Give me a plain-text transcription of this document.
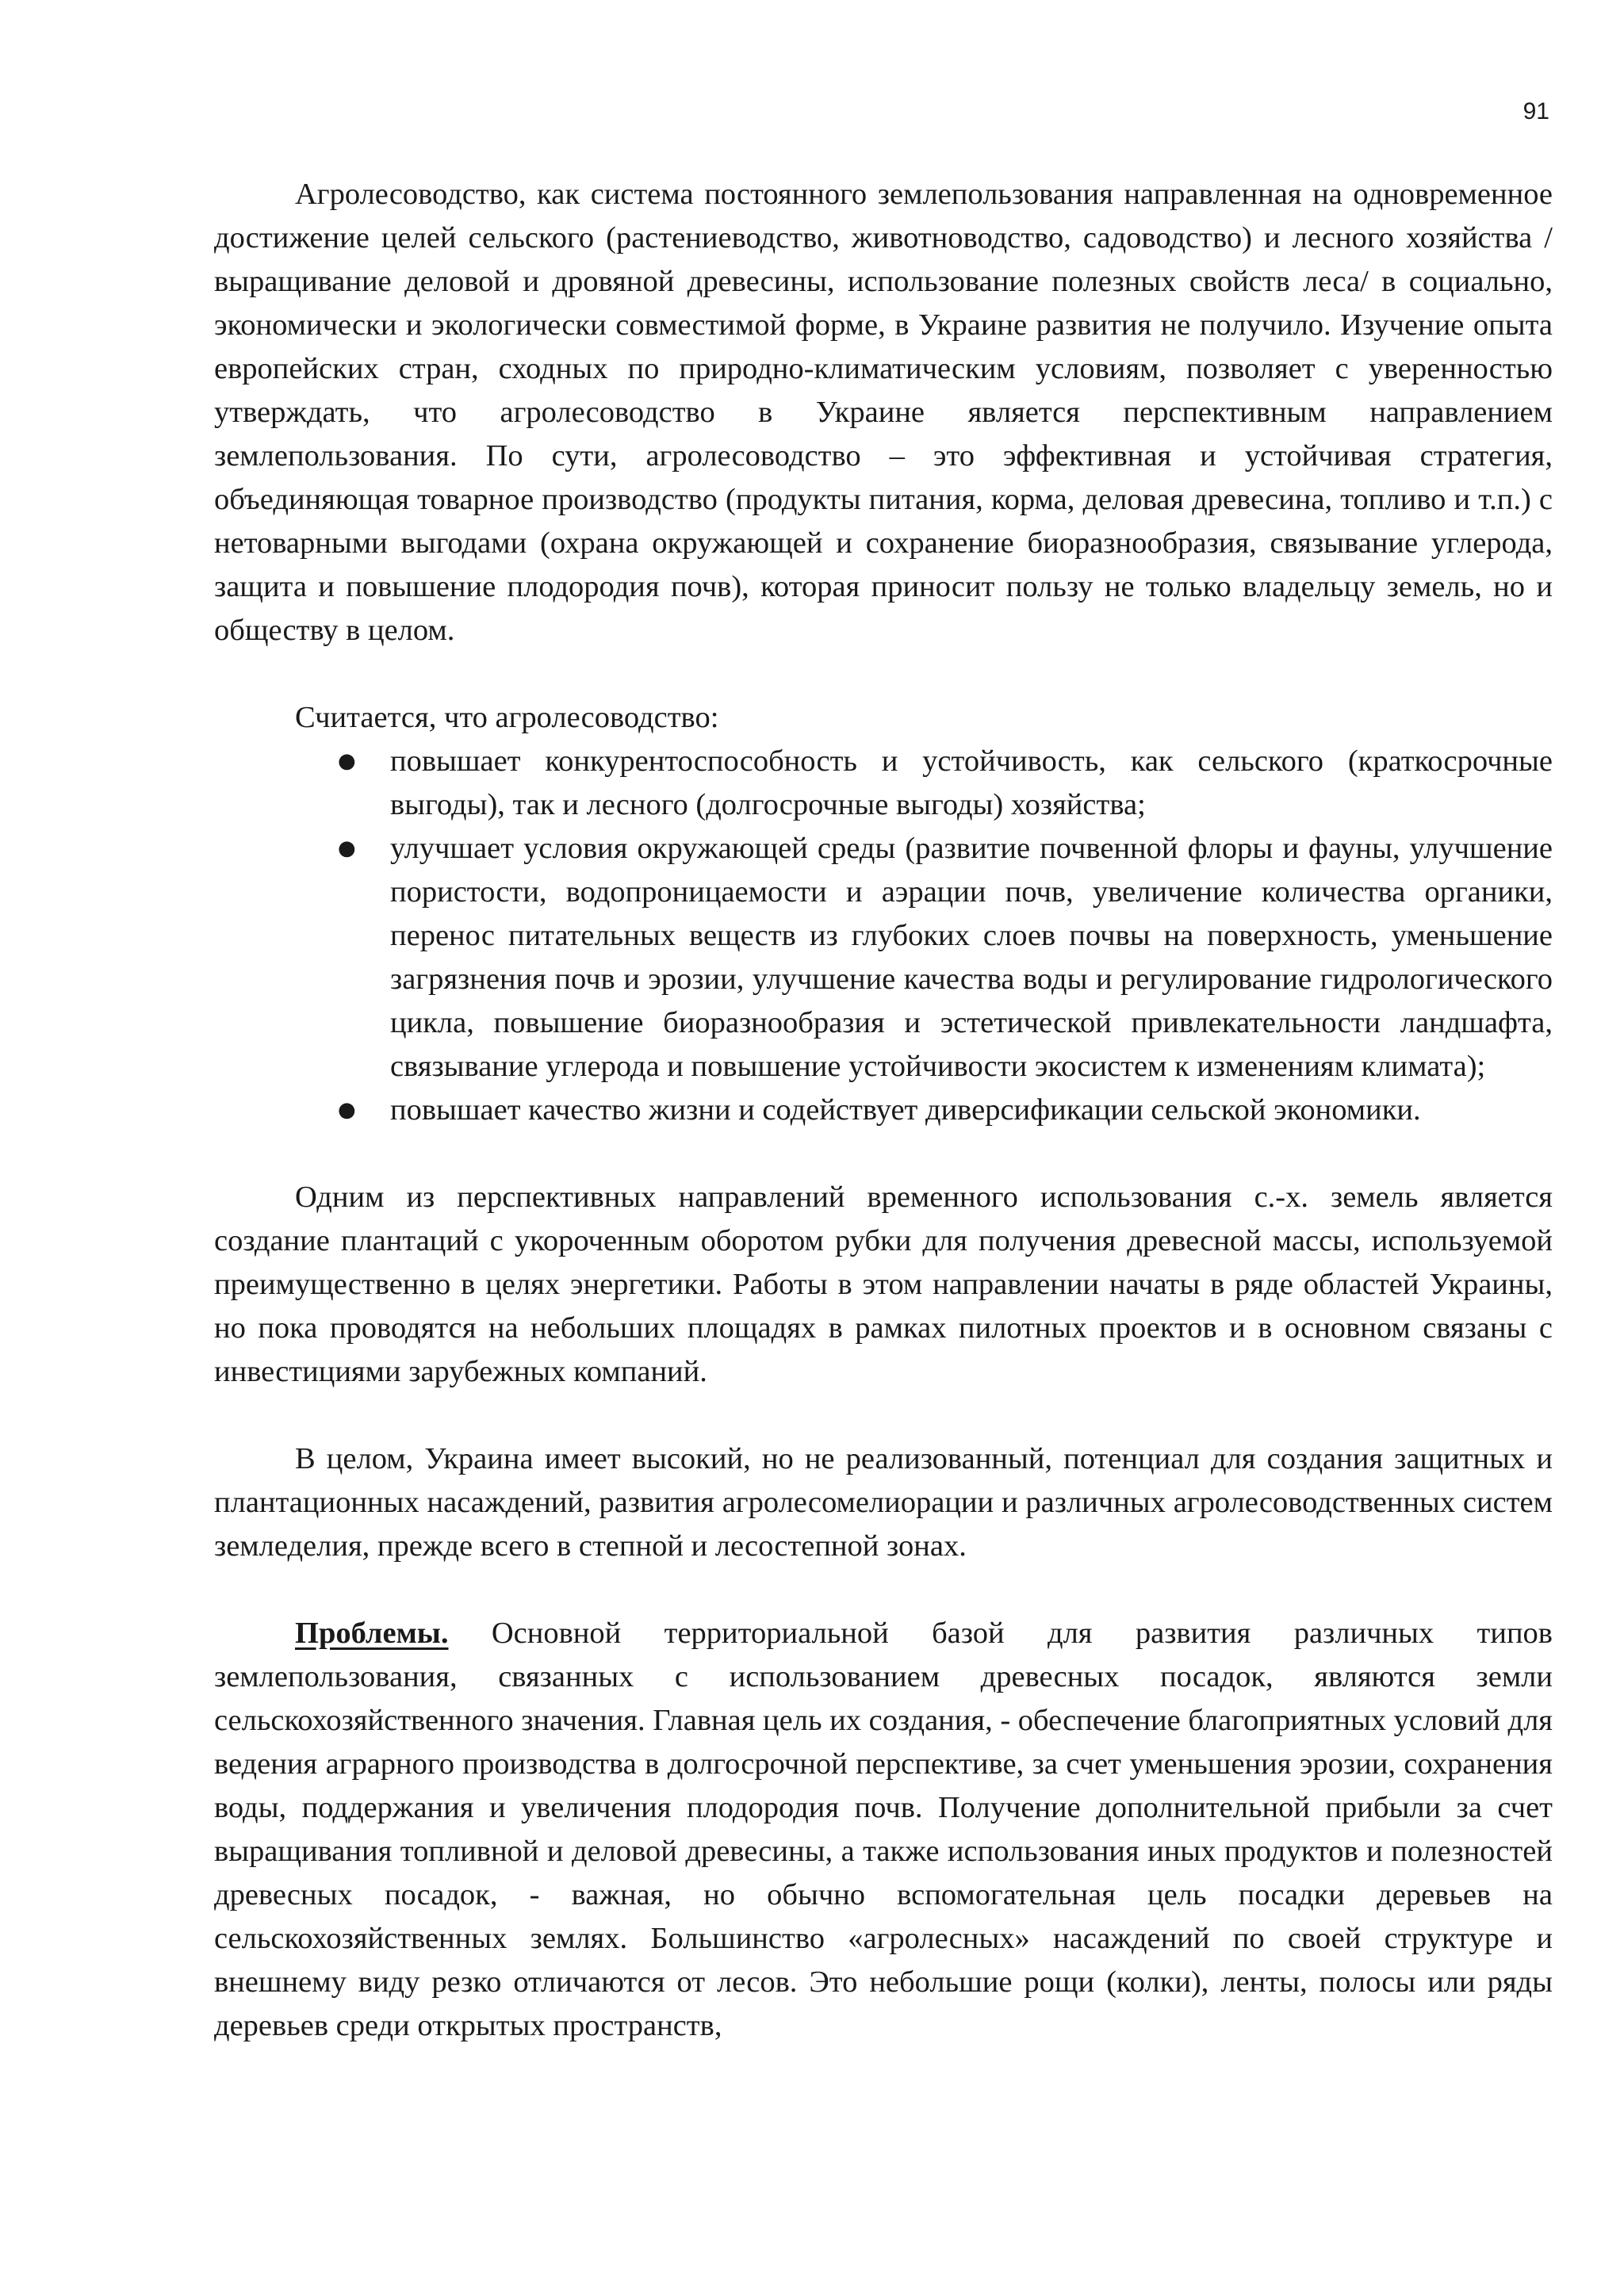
91

Агролесоводство, как система постоянного землепользования направленная на одновременное достижение целей сельского (растениеводство, животноводство, садоводство) и лесного хозяйства /выращивание деловой и дровяной древесины, использование полезных свойств леса/ в социально, экономически и экологически совместимой форме, в Украине развития не получило. Изучение опыта европейских стран, сходных по природно-климатическим условиям, позволяет с уверенностью утверждать, что агролесоводство в Украине является перспективным направлением землепользования. По сути, агролесоводство – это эффективная и устойчивая стратегия, объединяющая товарное производство (продукты питания, корма, деловая древесина, топливо и т.п.) с нетоварными выгодами (охрана окружающей и сохранение биоразнообразия, связывание углерода, защита и повышение плодородия почв), которая приносит пользу не только владельцу земель, но и обществу в целом.

Считается, что агролесоводство:

● повышает конкурентоспособность и устойчивость, как сельского (краткосрочные выгоды), так и лесного (долгосрочные выгоды) хозяйства;
● улучшает условия окружающей среды (развитие почвенной флоры и фауны, улучшение пористости, водопроницаемости и аэрации почв, увеличение количества органики, перенос питательных веществ из глубоких слоев почвы на поверхность, уменьшение загрязнения почв и эрозии, улучшение качества воды и регулирование гидрологического цикла, повышение биоразнообразия и эстетической привлекательности ландшафта, связывание углерода и повышение устойчивости экосистем к изменениям климата);
● повышает качество жизни и содействует диверсификации сельской экономики.

Одним из перспективных направлений временного использования с.-х. земель является создание плантаций с укороченным оборотом рубки для получения древесной массы, используемой преимущественно в целях энергетики. Работы в этом направлении начаты в ряде областей Украины, но пока проводятся на небольших площадях в рамках пилотных проектов и в основном связаны с инвестициями зарубежных компаний.

В целом, Украина имеет высокий, но не реализованный, потенциал для создания защитных и плантационных насаждений, развития агролесомелиорации и различных агролесоводственных систем земледелия, прежде всего в степной и лесостепной зонах.

Проблемы. Основной территориальной базой для развития различных типов землепользования, связанных с использованием древесных посадок, являются земли сельскохозяйственного значения. Главная цель их создания, - обеспечение благоприятных условий для ведения аграрного производства в долгосрочной перспективе, за счет уменьшения эрозии, сохранения воды, поддержания и увеличения плодородия почв. Получение дополнительной прибыли за счет выращивания топливной и деловой древесины, а также использования иных продуктов и полезностей древесных посадок, - важная, но обычно вспомогательная цель посадки деревьев на сельскохозяйственных землях. Большинство «агролесных» насаждений по своей структуре и внешнему виду резко отличаются от лесов. Это небольшие рощи (колки), ленты, полосы или ряды деревьев среди открытых пространств,
